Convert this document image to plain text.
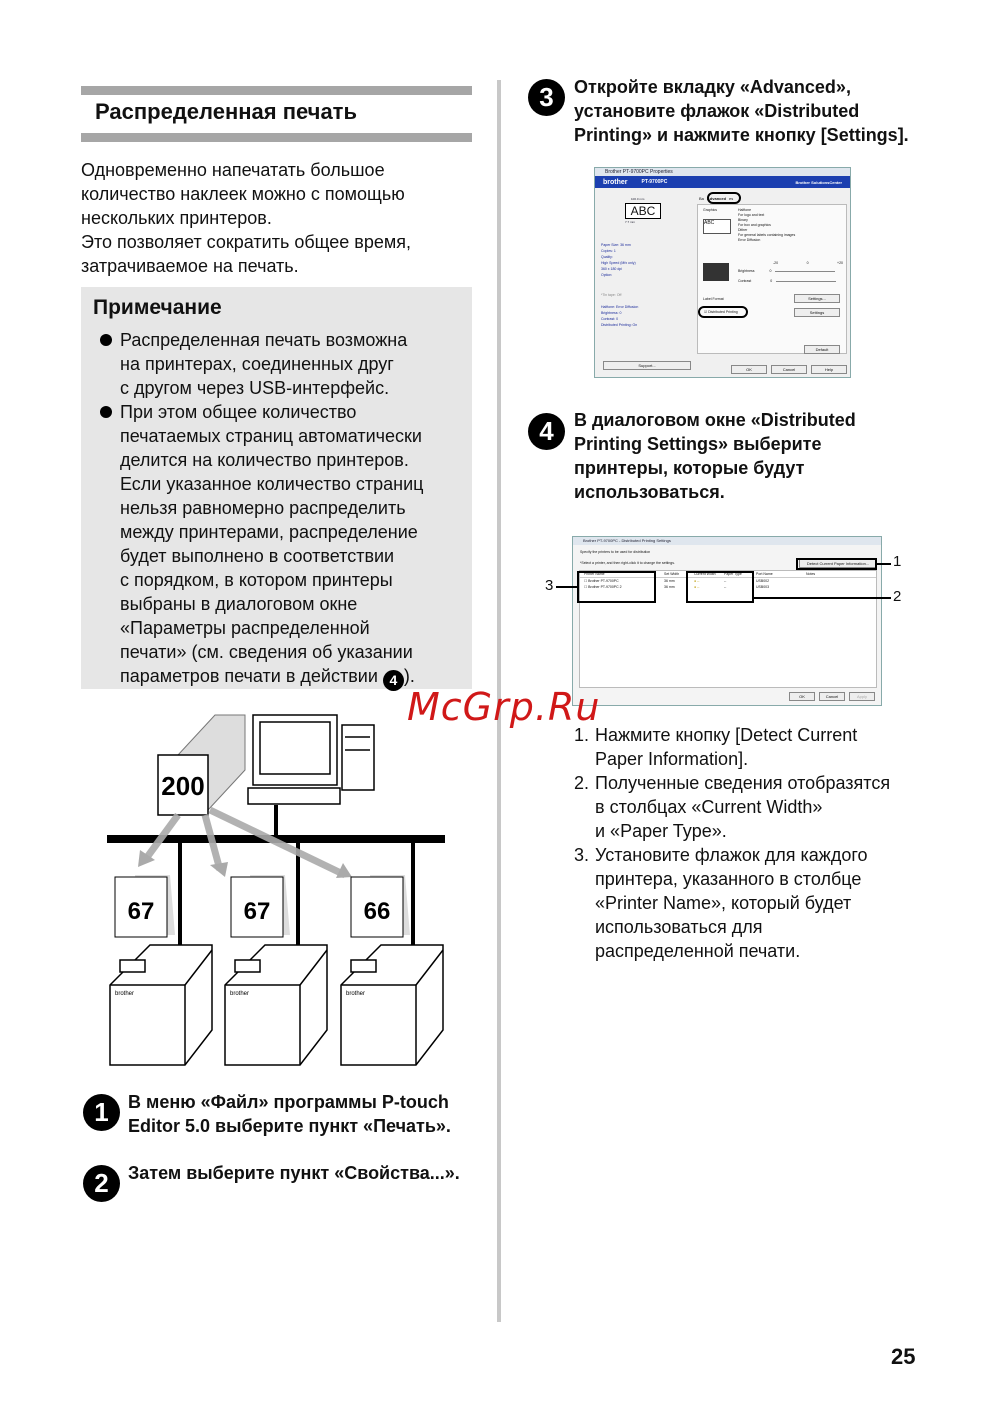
Распределенная печать
Одновременно напечатать большое
количество наклеек можно с помощью
нескольких принтеров.
Это позволяет сократить общее время,
затрачиваемое на печать.
Примечание
Распределенная печать возможна
на принтерах, соединенных друг
с другом через USB-интерфейс.
При этом общее количество
печатаемых страниц автоматически
делится на количество принтеров.
Если указанное количество страниц
нельзя равномерно распределить
между принтерами, распределение
будет выполнено в соответствии
с порядком, в котором принтеры
выбраны в диалоговом окне
«Параметры распределенной
печати» (см. сведения об указании
параметров печати в действии 4 ).
200
67	67	66
brother	brother	brother
1	В меню «Файл» программы P-touch
Editor 5.0 выберите пункт «Печать».
2	Затем выберите пункт «Свойства...».
3	Откройте вкладку «Advanced»,
установите флажок «Distributed
Printing» и нажмите кнопку [Settings].
Brother PT-9700PC Properties
brother	PT-9700PC	Brother SolutionsCenter
100.0 mm
ABC
7.7 mm
Paper Size: 36 mm
Copies: 1
Quality:
High Speed (Mfx only)
360 x 180 dpi
Option:
*Tin tape: Off
Halftone: Error Diffusion
Brightness: 0
Contrast: 0
Distributed Printing: On
Support...
Ba Advanced es
Graphics
ABC
Halftone
For logo and text
Binary
For box and graphics
Dither
For general labels containing images
Error Diffusion
-20	0	+20
Brightness	0
Contrast	0
Label Format	Settings...
☑ Distributed Printing	Settings
Default
OK	Cancel	Help
4	В диалоговом окне «Distributed
Printing Settings» выберите
принтеры, которые будут
использоваться.
Brother PT-9700PC - Distributed Printing Settings
Specify the printers to be used for distribution
*Select a printer, and then right-click it to change the settings.	Detect Current Paper Information...
Printer Name	Set Width	Current Width	Paper Type	Port Name	Notes
☐ Brother PT-9700PC	36 mm	● --	--	USB002
☐ Brother PT-9700PC 2	36 mm	● --	--	USB003
OK	Cancel	Apply
1
2
3
McGrp.Ru
1. Нажмите кнопку [Detect Current
Paper Information].
2. Полученные сведения отобразятся
в столбцах «Current Width»
и «Paper Type».
3. Установите флажок для каждого
принтера, указанного в столбце
«Printer Name», который будет
использоваться для
распределенной печати.
25
